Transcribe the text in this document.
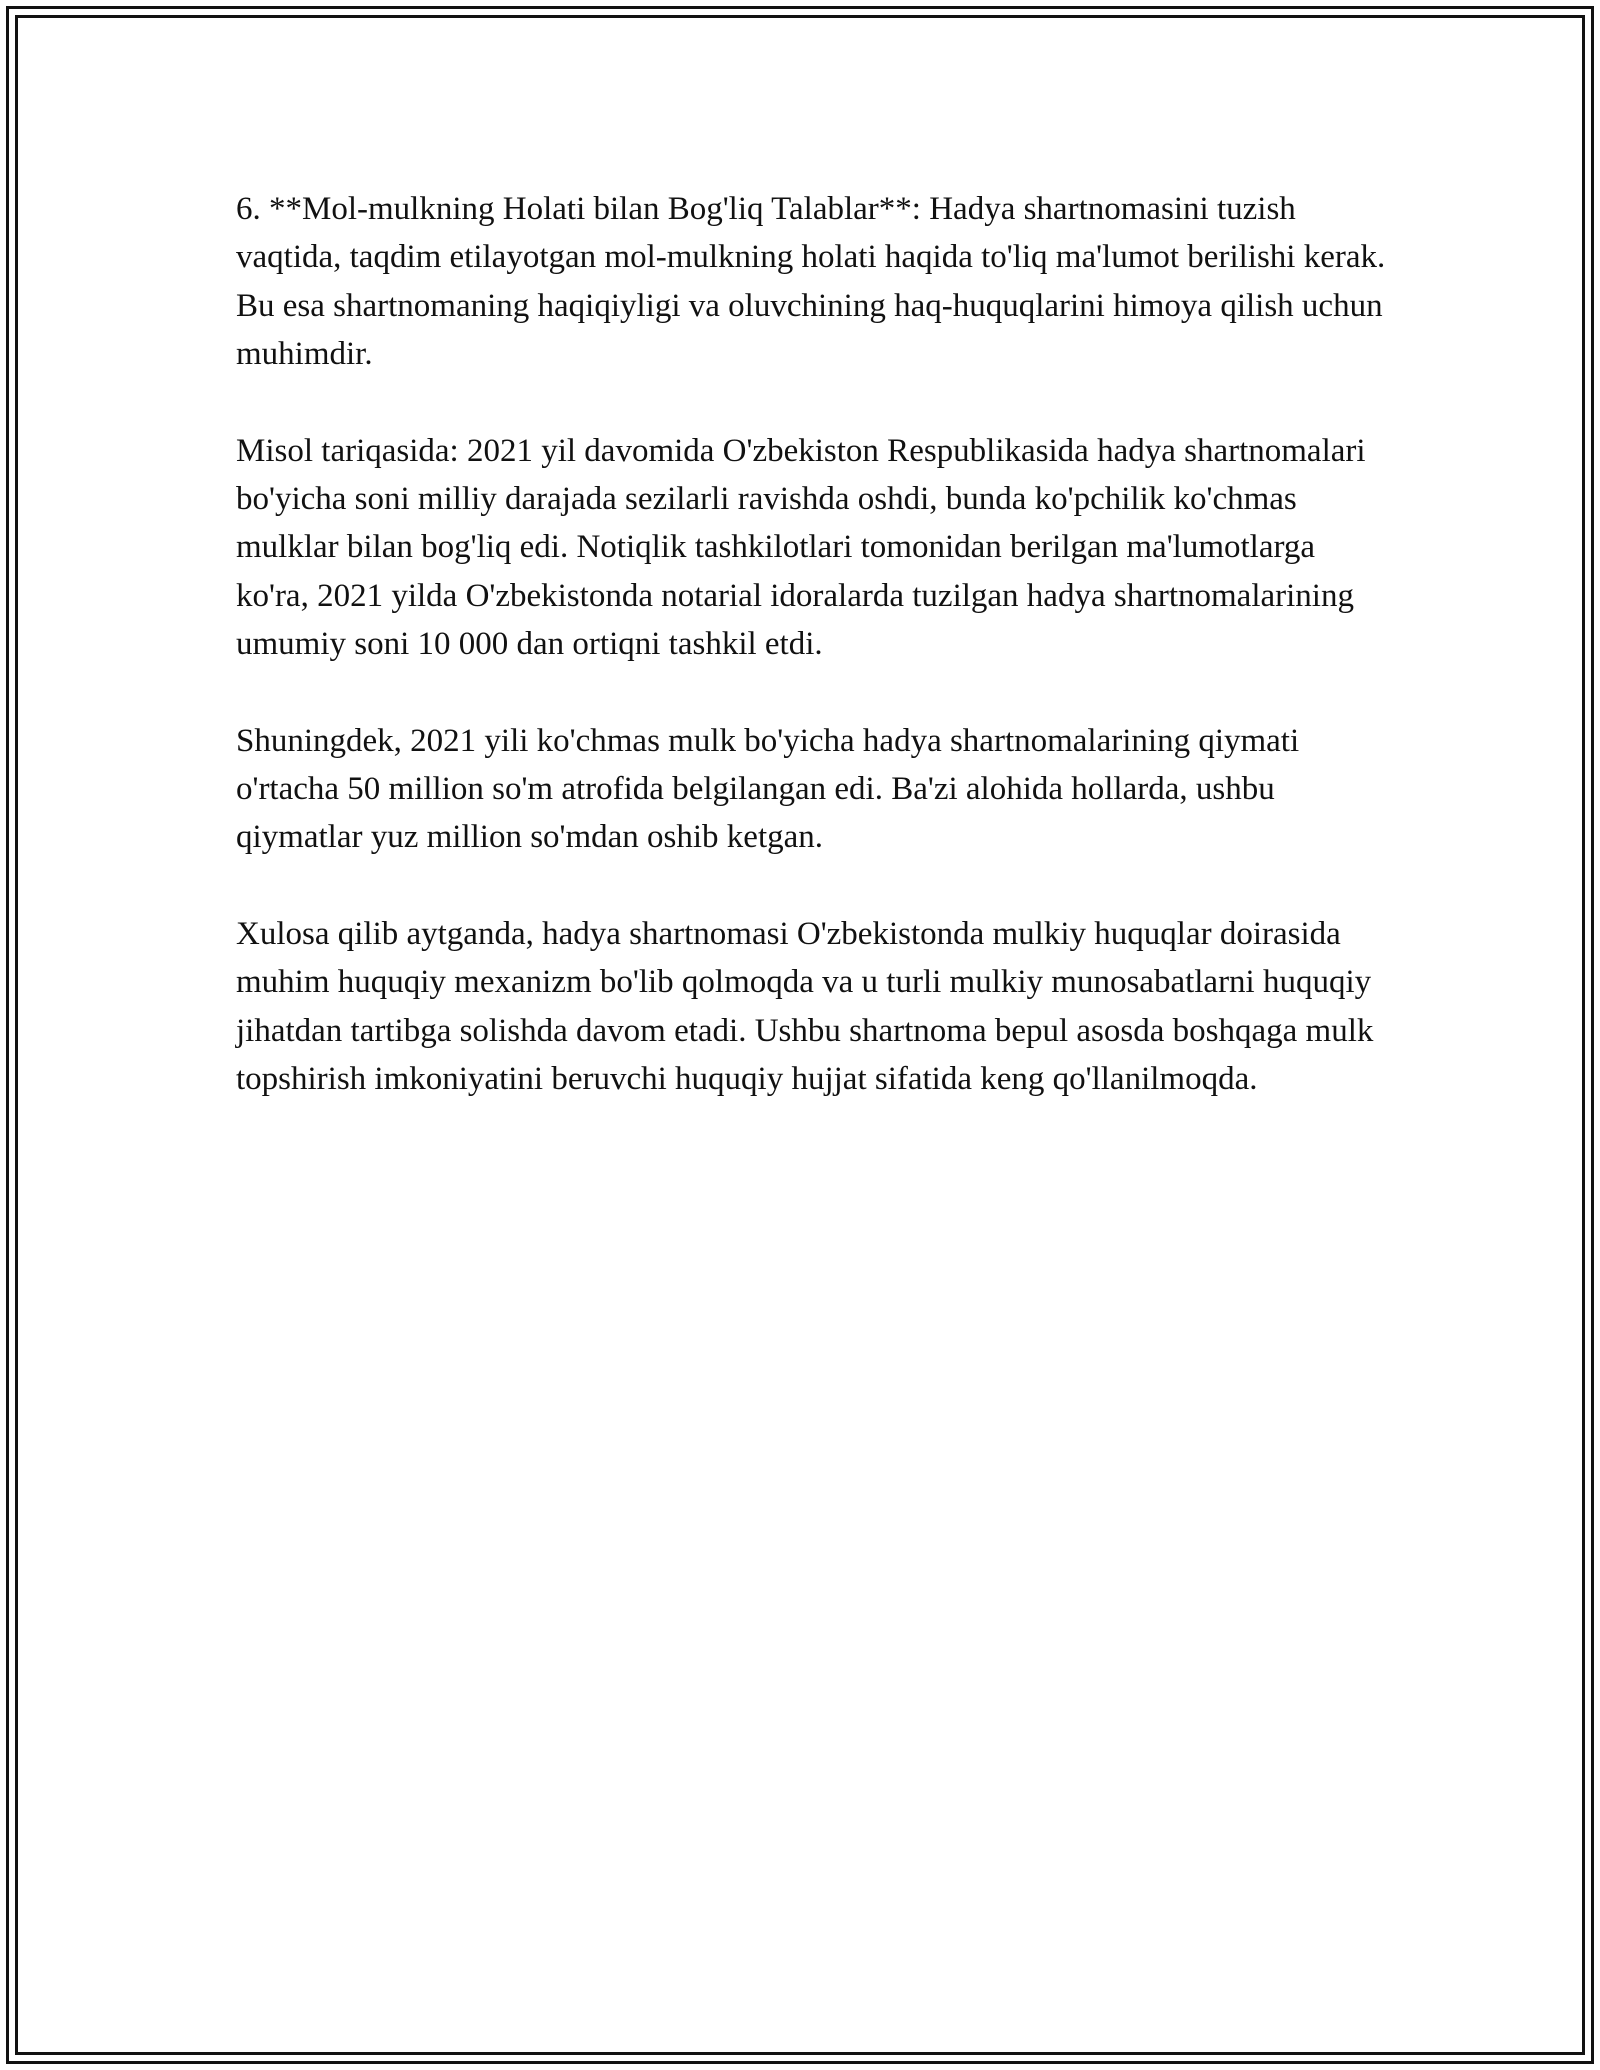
6. **Mol-mulkning Holati bilan Bog'liq Talablar**: Hadya shartnomasini tuzish vaqtida, taqdim etilayotgan mol-mulkning holati haqida to'liq ma'lumot berilishi kerak. Bu esa shartnomaning haqiqiyligi va oluvchining haq-huquqlarini himoya qilish uchun muhimdir.

Misol tariqasida: 2021 yil davomida O'zbekiston Respublikasida hadya shartnomalari bo'yicha soni milliy darajada sezilarli ravishda oshdi, bunda ko'pchilik ko'chmas mulklar bilan bog'liq edi. Notiqlik tashkilotlari tomonidan berilgan ma'lumotlarga ko'ra, 2021 yilda O'zbekistonda notarial idoralarda tuzilgan hadya shartnomalarining umumiy soni 10 000 dan ortiqni tashkil etdi.

Shuningdek, 2021 yili ko'chmas mulk bo'yicha hadya shartnomalarining qiymati o'rtacha 50 million so'm atrofida belgilangan edi. Ba'zi alohida hollarda, ushbu qiymatlar yuz million so'mdan oshib ketgan.

Xulosa qilib aytganda, hadya shartnomasi O'zbekistonda mulkiy huquqlar doirasida muhim huquqiy mexanizm bo'lib qolmoqda va u turli mulkiy munosabatlarni huquqiy jihatdan tartibga solishda davom etadi. Ushbu shartnoma bepul asosda boshqaga mulk topshirish imkoniyatini beruvchi huquqiy hujjat sifatida keng qo'llanilmoqda.
